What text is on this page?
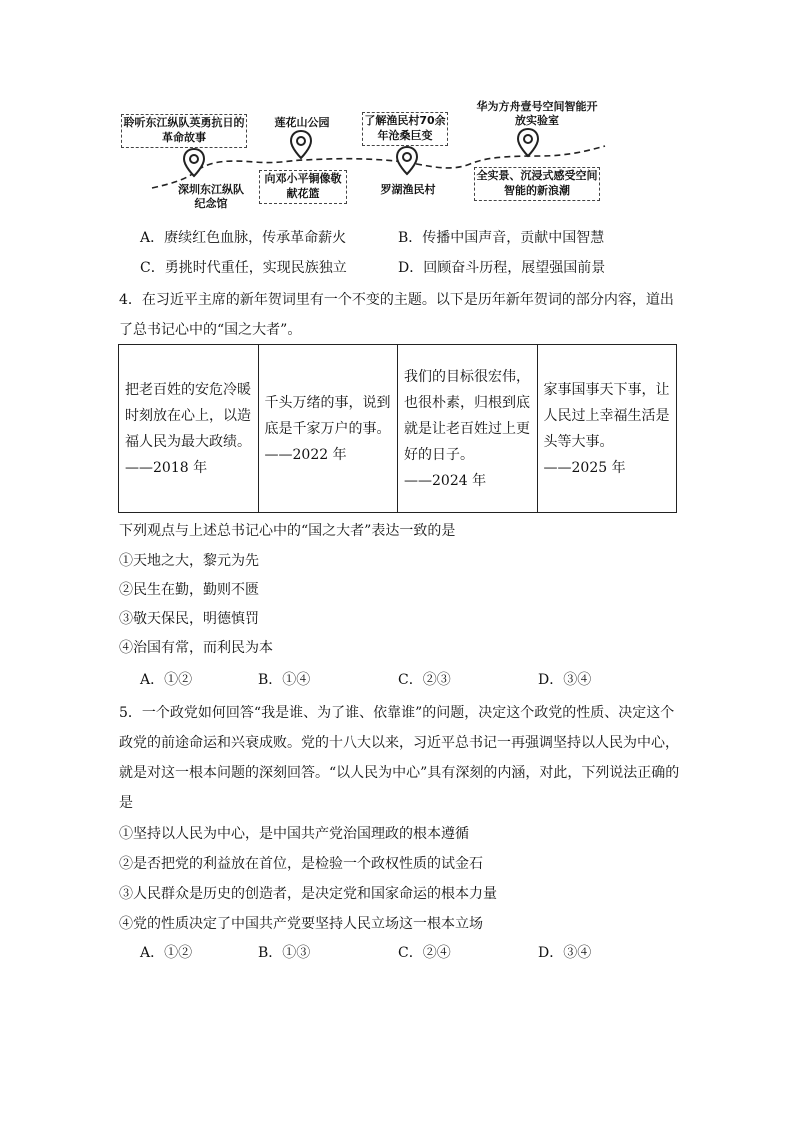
聆听东江纵队英勇抗日的革命故事
向邓小平铜像敬献花篮
了解渔民村70余年沧桑巨变
全实景、沉浸式感受空间智能的新浪潮
深圳东江纵队纪念馆
莲花山公园
罗湖渔民村
华为方舟壹号空间智能开放实验室
A．赓续红色血脉，传承革命薪火	B．传播中国声音，贡献中国智慧
C．勇挑时代重任，实现民族独立	D．回顾奋斗历程，展望强国前景
4．在习近平主席的新年贺词里有一个不变的主题。以下是历年新年贺词的部分内容，道出
了总书记心中的“国之大者”。
把老百姓的安危冷暖时刻放在心上，以造福人民为最大政绩。
——2018 年
	千头万绪的事，说到底是千家万户的事。
——2022 年
	我们的目标很宏伟，也很朴素，归根到底就是让老百姓过上更好的日子。
——2024 年
	家事国事天下事，让人民过上幸福生活是头等大事。
——2025 年
下列观点与上述总书记心中的“国之大者”表达一致的是
①天地之大，黎元为先
②民生在勤，勤则不匮
③敬天保民，明德慎罚
④治国有常，而利民为本
A．①②	B．①④	C．②③	D．③④
5．一个政党如何回答“我是谁、为了谁、依靠谁”的问题，决定这个政党的性质、决定这个
政党的前途命运和兴衰成败。党的十八大以来，习近平总书记一再强调坚持以人民为中心，
就是对这一根本问题的深刻回答。“以人民为中心”具有深刻的内涵，对此，下列说法正确的
是
①坚持以人民为中心，是中国共产党治国理政的根本遵循
②是否把党的利益放在首位，是检验一个政权性质的试金石
③人民群众是历史的创造者，是决定党和国家命运的根本力量
④党的性质决定了中国共产党要坚持人民立场这一根本立场
A．①②	B．①③	C．②④	D．③④
